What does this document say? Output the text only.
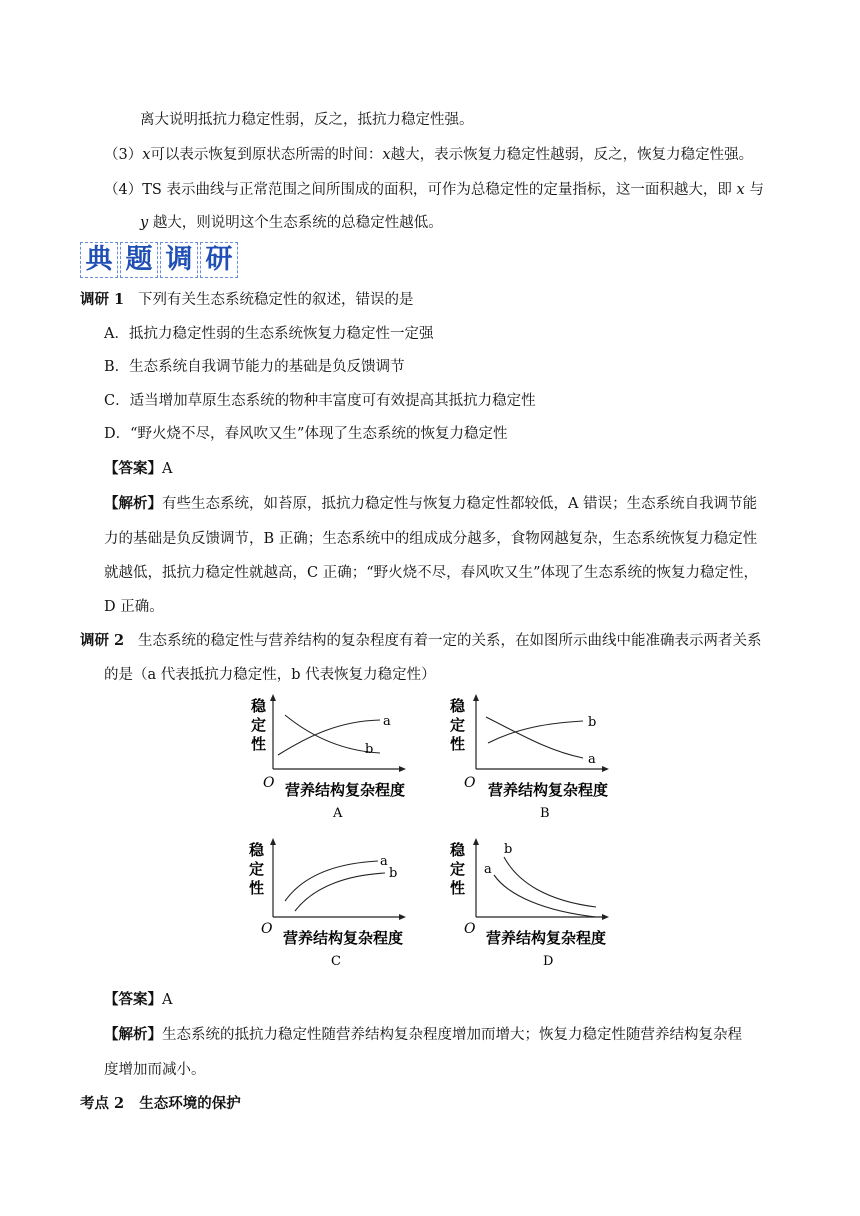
离大说明抵抗力稳定性弱，反之，抵抗力稳定性强。
（3）x可以表示恢复到原状态所需的时间：x越大，表示恢复力稳定性越弱，反之，恢复力稳定性强。
（4）TS 表示曲线与正常范围之间所围成的面积，可作为总稳定性的定量指标，这一面积越大，即 x 与
y 越大，则说明这个生态系统的总稳定性越低。
典 题 调 研
调研 1 下列有关生态系统稳定性的叙述，错误的是
A．抵抗力稳定性弱的生态系统恢复力稳定性一定强
B．生态系统自我调节能力的基础是负反馈调节
C．适当增加草原生态系统的物种丰富度可有效提高其抵抗力稳定性
D．“野火烧不尽，春风吹又生”体现了生态系统的恢复力稳定性
【答案】A
【解析】有些生态系统，如苔原，抵抗力稳定性与恢复力稳定性都较低，A 错误；生态系统自我调节能
力的基础是负反馈调节，B 正确；生态系统中的组成成分越多，食物网越复杂，生态系统恢复力稳定性
就越低，抵抗力稳定性就越高，C 正确；“野火烧不尽，春风吹又生”体现了生态系统的恢复力稳定性，
D 正确。
调研 2 生态系统的稳定性与营养结构的复杂程度有着一定的关系，在如图所示曲线中能准确表示两者关系
的是（a 代表抵抗力稳定性，b 代表恢复力稳定性）
稳
定
性
O
a
b
营养结构复杂程度
A
稳
定
性
O
b
a
营养结构复杂程度
B
稳
定
性
O
a
b
营养结构复杂程度
C
稳
定
性
O
b
a
营养结构复杂程度
D
【答案】A
【解析】生态系统的抵抗力稳定性随营养结构复杂程度增加而增大；恢复力稳定性随营养结构复杂程
度增加而减小。
考点 2 生态环境的保护
